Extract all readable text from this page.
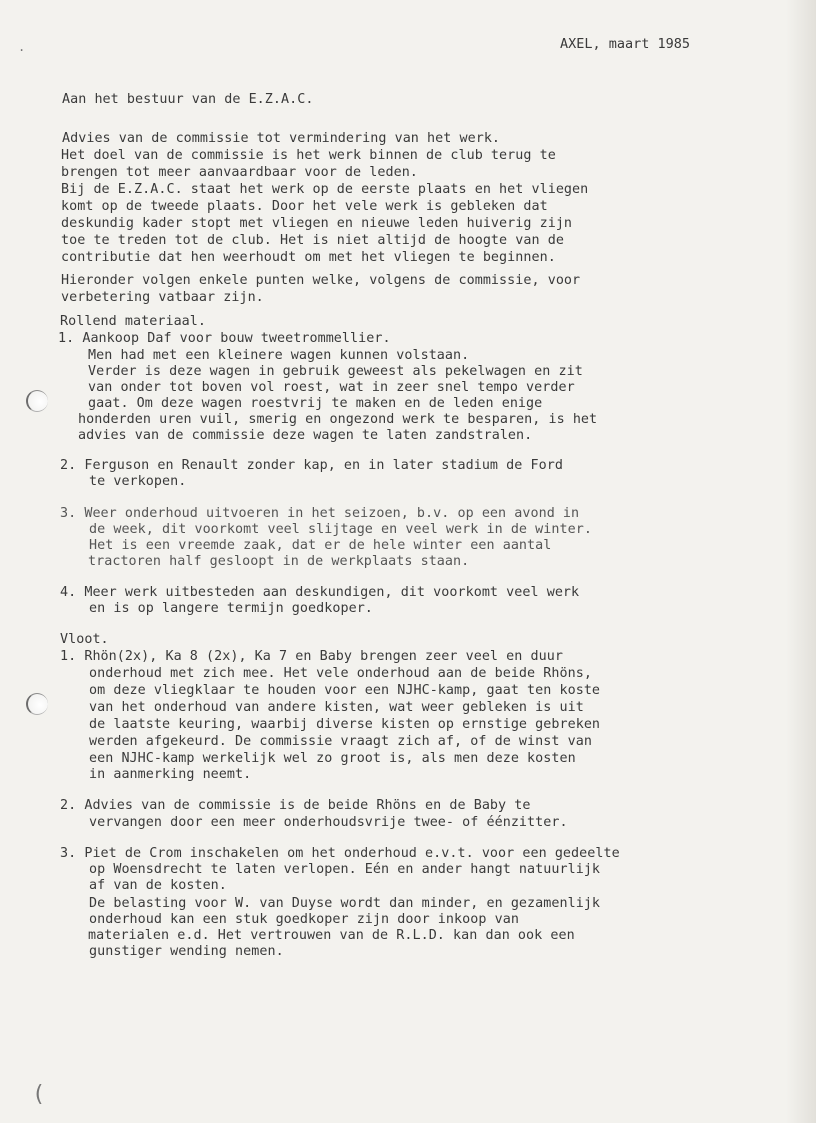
.
(
AXEL, maart 1985
Aan het bestuur van de E.Z.A.C.
Advies van de commissie tot vermindering van het werk.
Het doel van de commissie is het werk binnen de club terug te
brengen tot meer aanvaardbaar voor de leden.
Bij de E.Z.A.C. staat het werk op de eerste plaats en het vliegen
komt op de tweede plaats. Door het vele werk is gebleken dat
deskundig kader stopt met vliegen en nieuwe leden huiverig zijn
toe te treden tot de club. Het is niet altijd de hoogte van de
contributie dat hen weerhoudt om met het vliegen te beginnen.
Hieronder volgen enkele punten welke, volgens de commissie, voor
verbetering vatbaar zijn.
Rollend materiaal.
1. Aankoop Daf voor bouw tweetrommellier.
Men had met een kleinere wagen kunnen volstaan.
Verder is deze wagen in gebruik geweest als pekelwagen en zit
van onder tot boven vol roest, wat in zeer snel tempo verder
gaat. Om deze wagen roestvrij te maken en de leden enige
honderden uren vuil, smerig en ongezond werk te besparen, is het
advies van de commissie deze wagen te laten zandstralen.
2. Ferguson en Renault zonder kap, en in later stadium de Ford
te verkopen.
3. Weer onderhoud uitvoeren in het seizoen, b.v. op een avond in
de week, dit voorkomt veel slijtage en veel werk in de winter.
Het is een vreemde zaak, dat er de hele winter een aantal
tractoren half gesloopt in de werkplaats staan.
4. Meer werk uitbesteden aan deskundigen, dit voorkomt veel werk
en is op langere termijn goedkoper.
Vloot.
1. Rhön(2x), Ka 8 (2x), Ka 7 en Baby brengen zeer veel en duur
onderhoud met zich mee. Het vele onderhoud aan de beide Rhöns,
om deze vliegklaar te houden voor een NJHC-kamp, gaat ten koste
van het onderhoud van andere kisten, wat weer gebleken is uit
de laatste keuring, waarbij diverse kisten op ernstige gebreken
werden afgekeurd. De commissie vraagt zich af, of de winst van
een NJHC-kamp werkelijk wel zo groot is, als men deze kosten
in aanmerking neemt.
2. Advies van de commissie is de beide Rhöns en de Baby te
vervangen door een meer onderhoudsvrije twee- of éénzitter.
3. Piet de Crom inschakelen om het onderhoud e.v.t. voor een gedeelte
op Woensdrecht te laten verlopen. Eén en ander hangt natuurlijk
af van de kosten.
De belasting voor W. van Duyse wordt dan minder, en gezamenlijk
onderhoud kan een stuk goedkoper zijn door inkoop van
materialen e.d. Het vertrouwen van de R.L.D. kan dan ook een
gunstiger wending nemen.
